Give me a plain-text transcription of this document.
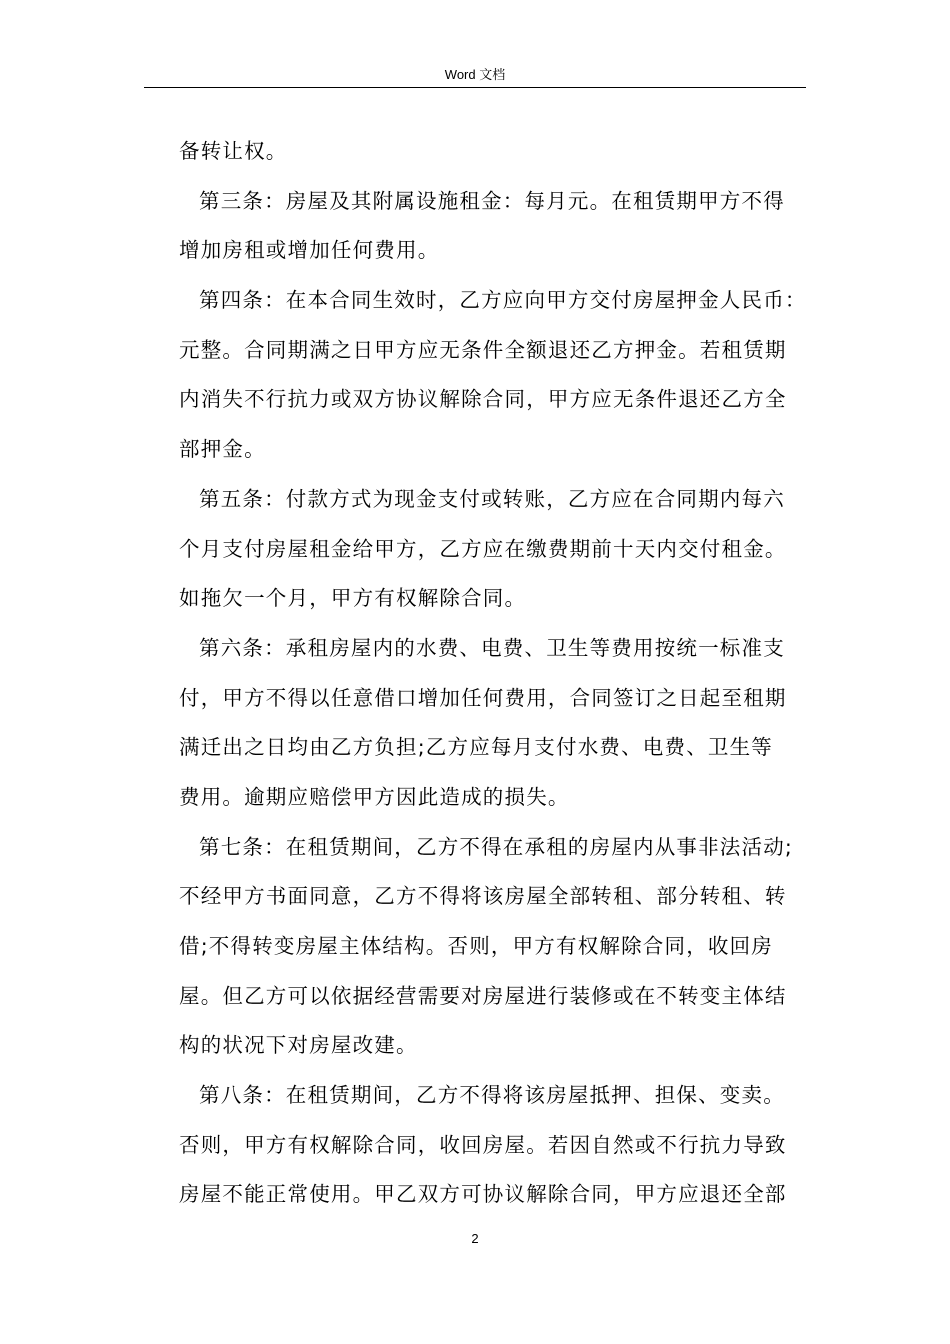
Word 文档
备转让权。
第三条：房屋及其附属设施租金：每月元。在租赁期甲方不得
增加房租或增加任何费用。
第四条：在本合同生效时，乙方应向甲方交付房屋押金人民币：
元整。合同期满之日甲方应无条件全额退还乙方押金。若租赁期
内消失不行抗力或双方协议解除合同，甲方应无条件退还乙方全
部押金。
第五条：付款方式为现金支付或转账，乙方应在合同期内每六
个月支付房屋租金给甲方，乙方应在缴费期前十天内交付租金。
如拖欠一个月，甲方有权解除合同。
第六条：承租房屋内的水费、电费、卫生等费用按统一标准支
付，甲方不得以任意借口增加任何费用，合同签订之日起至租期
满迁出之日均由乙方负担;乙方应每月支付水费、电费、卫生等
费用。逾期应赔偿甲方因此造成的损失。
第七条：在租赁期间，乙方不得在承租的房屋内从事非法活动;
不经甲方书面同意，乙方不得将该房屋全部转租、部分转租、转
借;不得转变房屋主体结构。否则，甲方有权解除合同，收回房
屋。但乙方可以依据经营需要对房屋进行装修或在不转变主体结
构的状况下对房屋改建。
第八条：在租赁期间，乙方不得将该房屋抵押、担保、变卖。
否则，甲方有权解除合同，收回房屋。若因自然或不行抗力导致
房屋不能正常使用。甲乙双方可协议解除合同，甲方应退还全部
2
